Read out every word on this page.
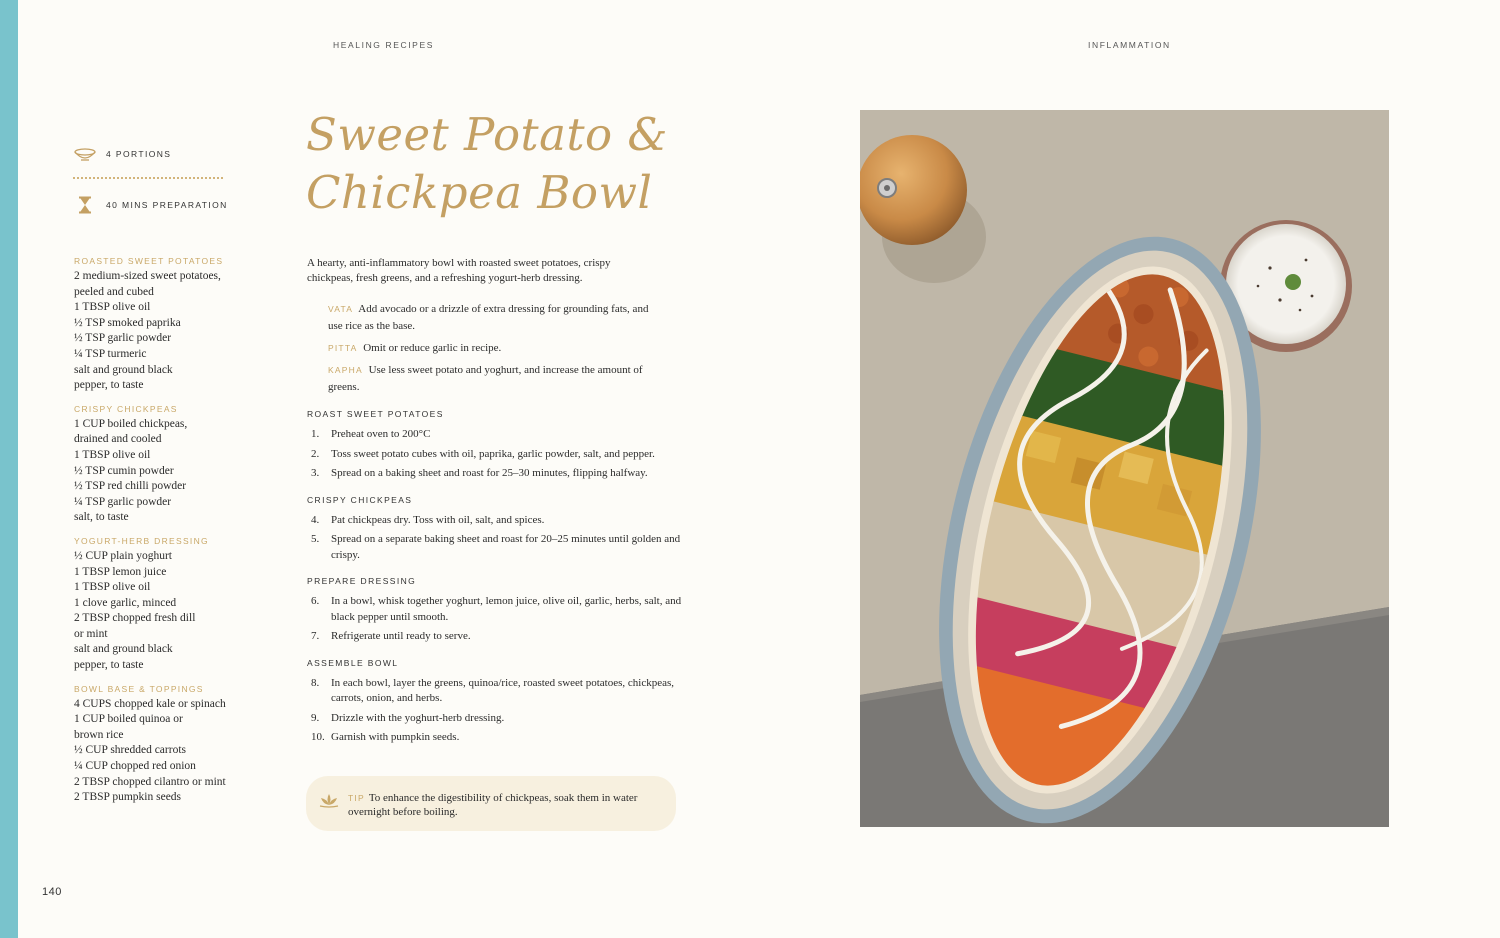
HEALING RECIPES	INFLAMMATION
4 PORTIONS
40 MINS PREPARATION
ROASTED SWEET POTATOES
2 medium-sized sweet potatoes,
peeled and cubed
1 TBSP olive oil
½ TSP smoked paprika
½ TSP garlic powder
¼ TSP turmeric
salt and ground black
pepper, to taste
CRISPY CHICKPEAS
1 CUP boiled chickpeas,
drained and cooled
1 TBSP olive oil
½ TSP cumin powder
½ TSP red chilli powder
¼ TSP garlic powder
salt, to taste
YOGURT-HERB DRESSING
½ CUP plain yoghurt
1 TBSP lemon juice
1 TBSP olive oil
1 clove garlic, minced
2 TBSP chopped fresh dill
or mint
salt and ground black
pepper, to taste
BOWL BASE & TOPPINGS
4 CUPS chopped kale or spinach
1 CUP boiled quinoa or
brown rice
½ CUP shredded carrots
¼ CUP chopped red onion
2 TBSP chopped cilantro or mint
2 TBSP pumpkin seeds
Sweet Potato &
Chickpea Bowl

A hearty, anti-inflammatory bowl with roasted sweet potatoes, crispy chickpeas, fresh greens, and a refreshing yogurt-herb dressing.

VATA Add avocado or a drizzle of extra dressing for grounding fats, and use rice as the base.
PITTA Omit or reduce garlic in recipe.
KAPHA Use less sweet potato and yoghurt, and increase the amount of greens.
ROAST SWEET POTATOES
1.	Preheat oven to 200°C
2.	Toss sweet potato cubes with oil, paprika, garlic powder, salt, and pepper.
3.	Spread on a baking sheet and roast for 25–30 minutes, flipping halfway.
CRISPY CHICKPEAS
4.	Pat chickpeas dry. Toss with oil, salt, and spices.
5.	Spread on a separate baking sheet and roast for 20–25 minutes until golden and crispy.
PREPARE DRESSING
6.	In a bowl, whisk together yoghurt, lemon juice, olive oil, garlic, herbs, salt, and black pepper until smooth.
7.	Refrigerate until ready to serve.
ASSEMBLE BOWL
8.	In each bowl, layer the greens, quinoa/rice, roasted sweet potatoes, chickpeas, carrots, onion, and herbs.
9.	Drizzle with the yoghurt-herb dressing.
10. Garnish with pumpkin seeds.

TIP To enhance the digestibility of chickpeas, soak them in water overnight before boiling.

140
